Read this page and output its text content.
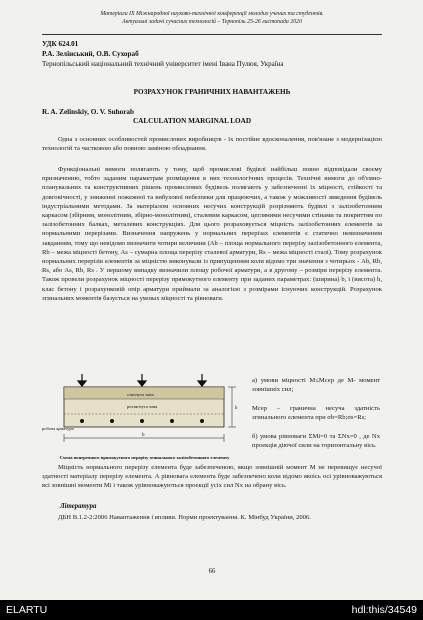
Матеріали ІХ Міжнародної науково-технічної конференції молодих учених та студентів.
Актуальні задачі сучасних технологій – Тернопіль 25-26 листопада 2020
УДК 624.01
Р.А. Зелінський, О.В. Сухораб
Тернопільський національний технічний університет імені Івана Пулюя, Україна
РОЗРАХУНОК ГРАНИЧНИХ НАВАНТАЖЕНЬ
R. A. Zelinskiy, O. V. Suhorab
CALCULATION MARGINAL LOAD
Одна з основних особливостей промислових виробництв - їх постійне вдосконалення, пов'язане з модернізацією технологій та частковою або повною заміною обладнання.
Функціональні вимоги полягають у тому, щоб промислові будівлі найбільш повно відповідали своєму призначенню, тобто заданим параметрам розміщення в них технологічних процесів. Технічні вимоги до об'ємно-планувальних та конструктивних рішень промислових будівель полягають у забезпеченні їх міцності, стійкості та довговічності, у зниженні пожежної та вибухової небезпеки для працюючих, а також у можливості звведення будівель індустріальними методами. За матеріалом основних несучих конструкцій розрізняють будівлі з залізобетонним каркасом (збірним, монолітним, збірно-монолітним), сталевим каркасом, цегляними несучими стінами та покриттям по залізобетонних балках, металевих конструкціях. Для цього розраховується міцність залізобетонних елементів за нормальними перерізами. Визначення напружень у нормальних перерізах елементів є статично невизначеним завданням, тому що невідомо визначити чотири величини (Аb – площа нормального перерізу залізобетонного елемента, Rb – межа міцності бетону, Аs – сумарна площа перерізу сталевої арматури, Rs – межа міцності сталі). Тому розрахунок нормальних перерізів елементів за міцністю виконували із припущенням коли відомо три значення з чотирьох - Аb, Rb, Rs, або Аs, Rb, Rs . У першому випадку визначили площу робочої арматури, а в другому – розміри перерізу елемента. Також провели розрахунок міцності перерізу прямокутного елементу при заданих параметрах: (ширина) b, і (висота) h, клас бетону і розрахунковій опір арматури приймали за аналогією з розмірами існуючих конструкцій. Розрахунок згинальних моментів базується на умовах міцності та рівноваги.
а) умови міцності M≤Mсеp де М- момент зовнішніх сил;
Mсеp – гранична несуча здатність згинального елемента при σb=Rb;σs=Rs;
б) умова рівноваги ΣMi=0 та ΣNx=0 , де Nx проекція діючої сили на горизонтальну вісь.
стиснута зона
розтягнута зона
робоча арматура
b
h
Схема поперечного прямокутного перерізу згинального залізобетонного елементу
Міцність нормального перерізу елемента буде забезпеченою, якщо зовнішній момент M не перевищує несучої здатності матеріалу перерізу елемента. А рівновага елемента буде забезпечено коли відомо якоісь осі урівноважуються всі зовнішні моменти Мі і також урівноважуються проекції усіх сил Nх на обрану вісь.
Література
ДБН В.1.2-2:2006 Навантаження і впливи. Норми проектування. К. Мінбуд України, 2006.
66
ELARTU	hdl:this/34549
